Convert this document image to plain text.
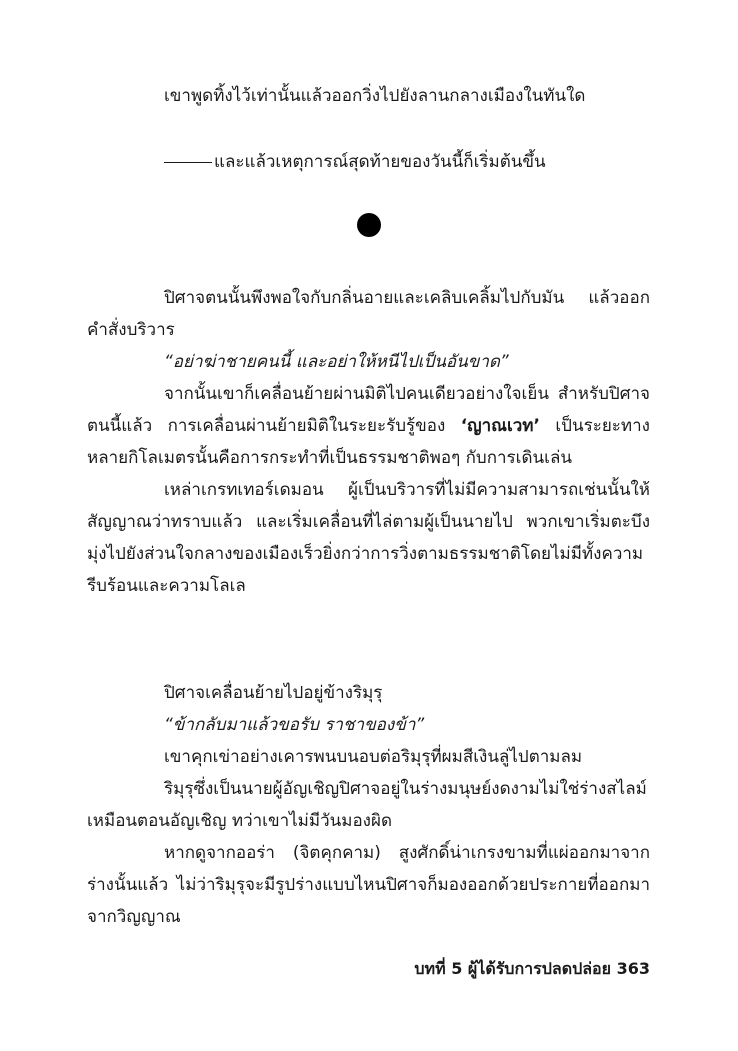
เขาพูดทิ้งไว้เท่านั้นแล้วออกวิ่งไปยังลานกลางเมืองในทันใด

และแล้วเหตุการณ์สุดท้ายของวันนี้ก็เริ่มต้นขึ้น

ปิศาจตนนั้นพึงพอใจกับกลิ่นอายและเคลิบเคลิ้มไปกับมัน แล้วออกคำสั่งบริวาร

“อย่าฆ่าชายคนนี้ และอย่าให้หนีไปเป็นอันขาด”

จากนั้นเขาก็เคลื่อนย้ายผ่านมิติไปคนเดียวอย่างใจเย็น สำหรับปิศาจตนนี้แล้ว การเคลื่อนผ่านย้ายมิติในระยะรับรู้ของ ‘ญาณเวท’ เป็นระยะทางหลายกิโลเมตรนั้นคือการกระทำที่เป็นธรรมชาติพอๆ กับการเดินเล่น

เหล่าเกรทเทอร์เดมอน ผู้เป็นบริวารที่ไม่มีความสามารถเช่นนั้นให้สัญญาณว่าทราบแล้ว และเริ่มเคลื่อนที่ไล่ตามผู้เป็นนายไป พวกเขาเริ่มตะบึงมุ่งไปยังส่วนใจกลางของเมืองเร็วยิ่งกว่าการวิ่งตามธรรมชาติโดยไม่มีทั้งความรีบร้อนและความโลเล

ปิศาจเคลื่อนย้ายไปอยู่ข้างริมุรุ

“ข้ากลับมาแล้วขอรับ ราชาของข้า”

เขาคุกเข่าอย่างเคารพนบนอบต่อริมุรุที่ผมสีเงินลู่ไปตามลม

ริมุรุซึ่งเป็นนายผู้อัญเชิญปิศาจอยู่ในร่างมนุษย์งดงามไม่ใช่ร่างสไลม์เหมือนตอนอัญเชิญ ทว่าเขาไม่มีวันมองผิด

หากดูจากออร่า (จิตคุกคาม) สูงศักดิ์น่าเกรงขามที่แผ่ออกมาจากร่างนั้นแล้ว ไม่ว่าริมุรุจะมีรูปร่างแบบไหนปิศาจก็มองออกด้วยประกายที่ออกมาจากวิญญาณ

บทที่ 5 ผู้ได้รับการปลดปล่อย 363
